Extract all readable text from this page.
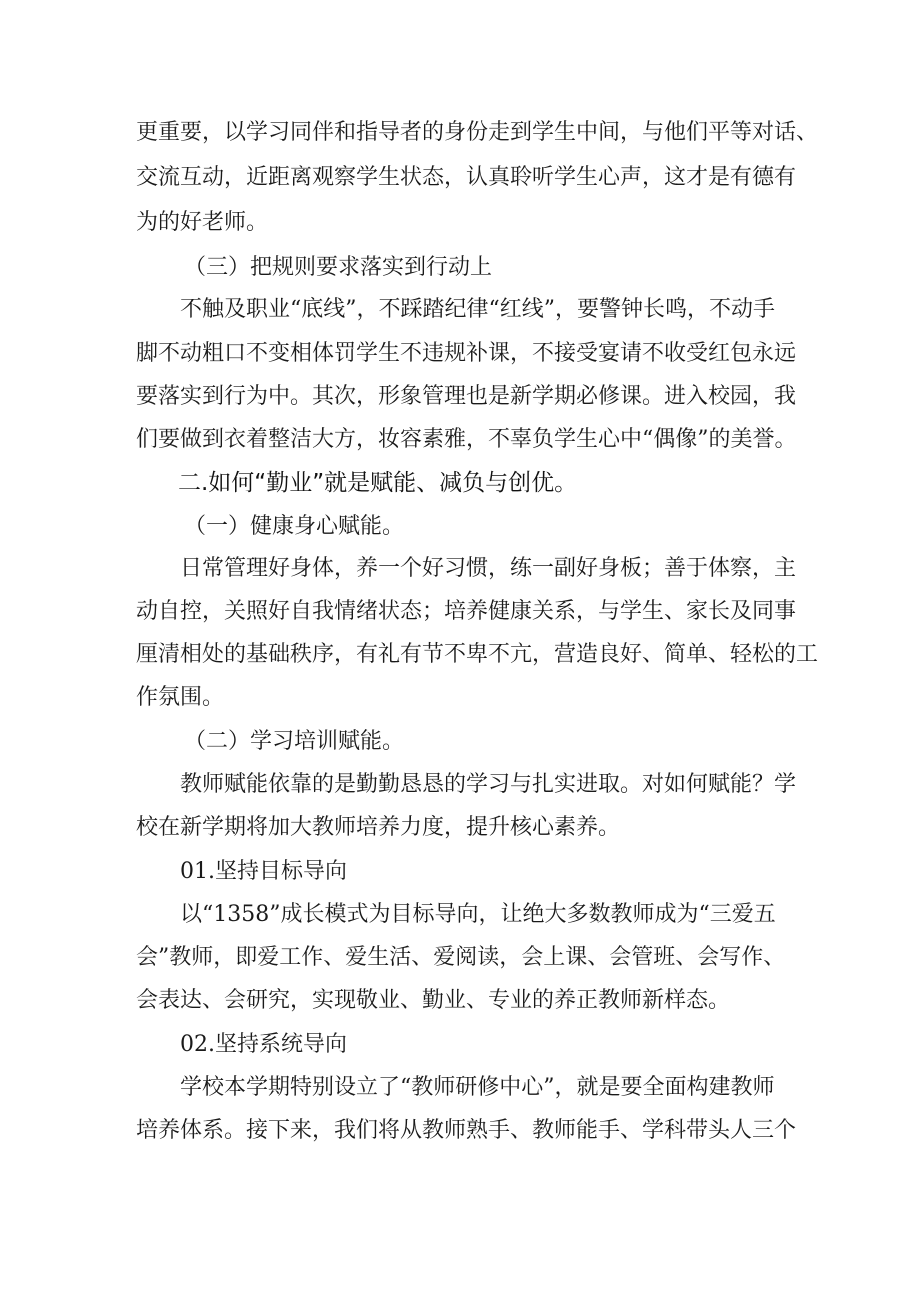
更重要，以学习同伴和指导者的身份走到学生中间，与他们平等对话、
交流互动，近距离观察学生状态，认真聆听学生心声，这才是有德有
为的好老师。
（三）把规则要求落实到行动上
不触及职业“底线”，不踩踏纪律“红线”，要警钟长鸣，不动手
脚不动粗口不变相体罚学生不违规补课，不接受宴请不收受红包永远
要落实到行为中。其次，形象管理也是新学期必修课。进入校园，我
们要做到衣着整洁大方，妆容素雅，不辜负学生心中“偶像”的美誉。
二.如何“勤业”就是赋能、减负与创优。
（一）健康身心赋能。
日常管理好身体，养一个好习惯，练一副好身板；善于体察，主
动自控，关照好自我情绪状态；培养健康关系，与学生、家长及同事
厘清相处的基础秩序，有礼有节不卑不亢，营造良好、简单、轻松的工
作氛围。
（二）学习培训赋能。
教师赋能依靠的是勤勤恳恳的学习与扎实进取。对如何赋能？学
校在新学期将加大教师培养力度，提升核心素养。
01.坚持目标导向
以“1358”成长模式为目标导向，让绝大多数教师成为“三爱五
会”教师，即爱工作、爱生活、爱阅读，会上课、会管班、会写作、
会表达、会研究，实现敬业、勤业、专业的养正教师新样态。
02.坚持系统导向
学校本学期特别设立了“教师研修中心”，就是要全面构建教师
培养体系。接下来，我们将从教师熟手、教师能手、学科带头人三个
